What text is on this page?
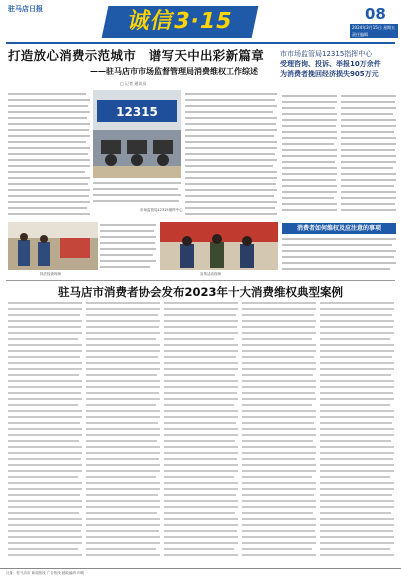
驻马店日报	诚信3·15	08
2024年3月15日 星期五 责任编辑
打造放心消费示范城市　谱写天中出彩新篇章
——驻马店市市场监督管理局消费维权工作综述
□ 记者 通讯员
市市场监管局12315指挥中心
受理咨询、投诉、举报10万余件
为消费者挽回经济损失905万元
12315
市场监管局12315指挥中心
执法检查现场	宣传活动现场
消费者如何维权及应注意的事项
驻马店市消费者协会发布2023年十大消费维权典型案例
社址：驻马店市 新闻热线 广告热线 邮政编码 印刷
